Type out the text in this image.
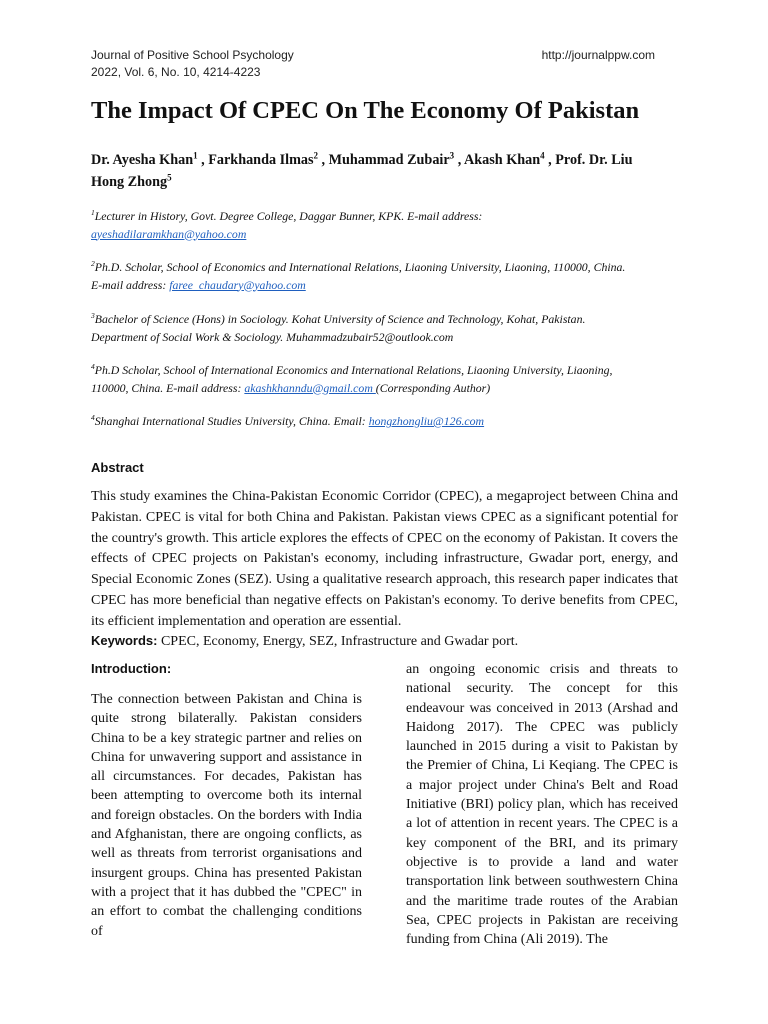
Journal of Positive School Psychology
2022, Vol. 6, No. 10, 4214-4223
http://journalppw.com
The Impact Of CPEC On The Economy Of Pakistan

Dr. Ayesha Khan$^1$ , Farkhanda Ilmas$^2$ , Muhammad Zubair$^3$ , Akash Khan$^4$ , Prof. Dr. Liu
Hong Zhong$^5$

$^1$Lecturer in History, Govt. Degree College, Daggar Bunner, KPK. E-mail address:
ayeshadilaramkhan@yahoo.com

$^2$Ph.D. Scholar, School of Economics and International Relations, Liaoning University, Liaoning, 110000, China.
E-mail address: faree_chaudary@yahoo.com

$^3$Bachelor of Science (Hons) in Sociology. Kohat University of Science and Technology, Kohat, Pakistan.
Department of Social Work & Sociology. Muhammadzubair52@outlook.com

$^4$Ph.D Scholar, School of International Economics and International Relations, Liaoning University, Liaoning,
110000, China. E-mail address: akashkhanndu@gmail.com (Corresponding Author)

$^4$Shanghai International Studies University, China. Email: hongzhongliu@126.com

Abstract

This study examines the China-Pakistan Economic Corridor (CPEC), a megaproject between China and Pakistan. CPEC is vital for both China and Pakistan. Pakistan views CPEC as a significant potential for the country's growth. This article explores the effects of CPEC on the economy of Pakistan. It covers the effects of CPEC projects on Pakistan's economy, including infrastructure, Gwadar port, energy, and Special Economic Zones (SEZ). Using a qualitative research approach, this research paper indicates that CPEC has more beneficial than negative effects on Pakistan's economy. To derive benefits from CPEC, its efficient implementation and operation are essential.

Keywords: CPEC, Economy, Energy, SEZ, Infrastructure and Gwadar port.

Introduction:

The connection between Pakistan and China is quite strong bilaterally. Pakistan considers China to be a key strategic partner and relies on China for unwavering support and assistance in all circumstances. For decades, Pakistan has been attempting to overcome both its internal and foreign obstacles. On the borders with India and Afghanistan, there are ongoing conflicts, as well as threats from terrorist organisations and insurgent groups. China has presented Pakistan with a project that it has dubbed the "CPEC" in an effort to combat the challenging conditions of

an ongoing economic crisis and threats to national security. The concept for this endeavour was conceived in 2013 (Arshad and Haidong 2017). The CPEC was publicly launched in 2015 during a visit to Pakistan by the Premier of China, Li Keqiang. The CPEC is a major project under China's Belt and Road Initiative (BRI) policy plan, which has received a lot of attention in recent years. The CPEC is a key component of the BRI, and its primary objective is to provide a land and water transportation link between southwestern China and the maritime trade routes of the Arabian Sea, CPEC projects in Pakistan are receiving funding from China (Ali 2019). The
